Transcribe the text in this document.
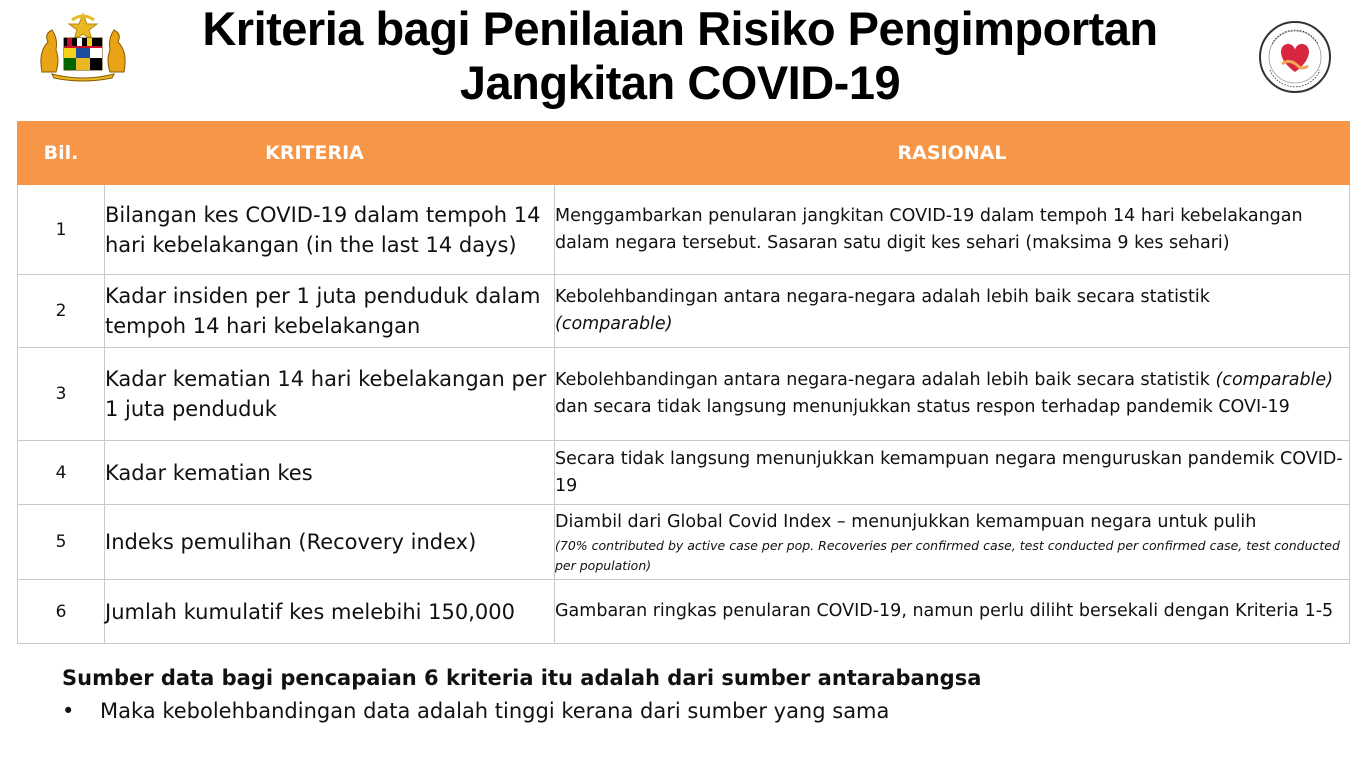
Kriteria bagi Penilaian Risiko Pengimportan
Jangkitan COVID-19
Bil.	KRITERIA	RASIONAL
1	Bilangan kes COVID-19 dalam tempoh 14 hari kebelakangan (in the last 14 days)	Menggambarkan penularan jangkitan COVID-19 dalam tempoh 14 hari kebelakangan dalam negara tersebut. Sasaran satu digit kes sehari (maksima 9 kes sehari)
2	Kadar insiden per 1 juta penduduk dalam tempoh 14 hari kebelakangan	Kebolehbandingan antara negara-negara adalah lebih baik secara statistik
(comparable)

3	Kadar kematian 14 hari kebelakangan per 1 juta penduduk	Kebolehbandingan antara negara-negara adalah lebih baik secara statistik (comparable) dan secara tidak langsung menunjukkan status respon terhadap pandemik COVI-19
4	Kadar kematian kes	Secara tidak langsung menunjukkan kemampuan negara menguruskan pandemik COVID-19
5	Indeks pemulihan (Recovery index)	Diambil dari Global Covid Index – menunjukkan kemampuan negara untuk pulih
(70% contributed by active case per pop. Recoveries per confirmed case, test conducted per confirmed case, test conducted per population)

6	Jumlah kumulatif kes melebihi 150,000	Gambaran ringkas penularan COVID-19, namun perlu diliht bersekali dengan Kriteria 1-5
Sumber data bagi pencapaian 6 kriteria itu adalah dari sumber antarabangsa
• Maka kebolehbandingan data adalah tinggi kerana dari sumber yang sama
